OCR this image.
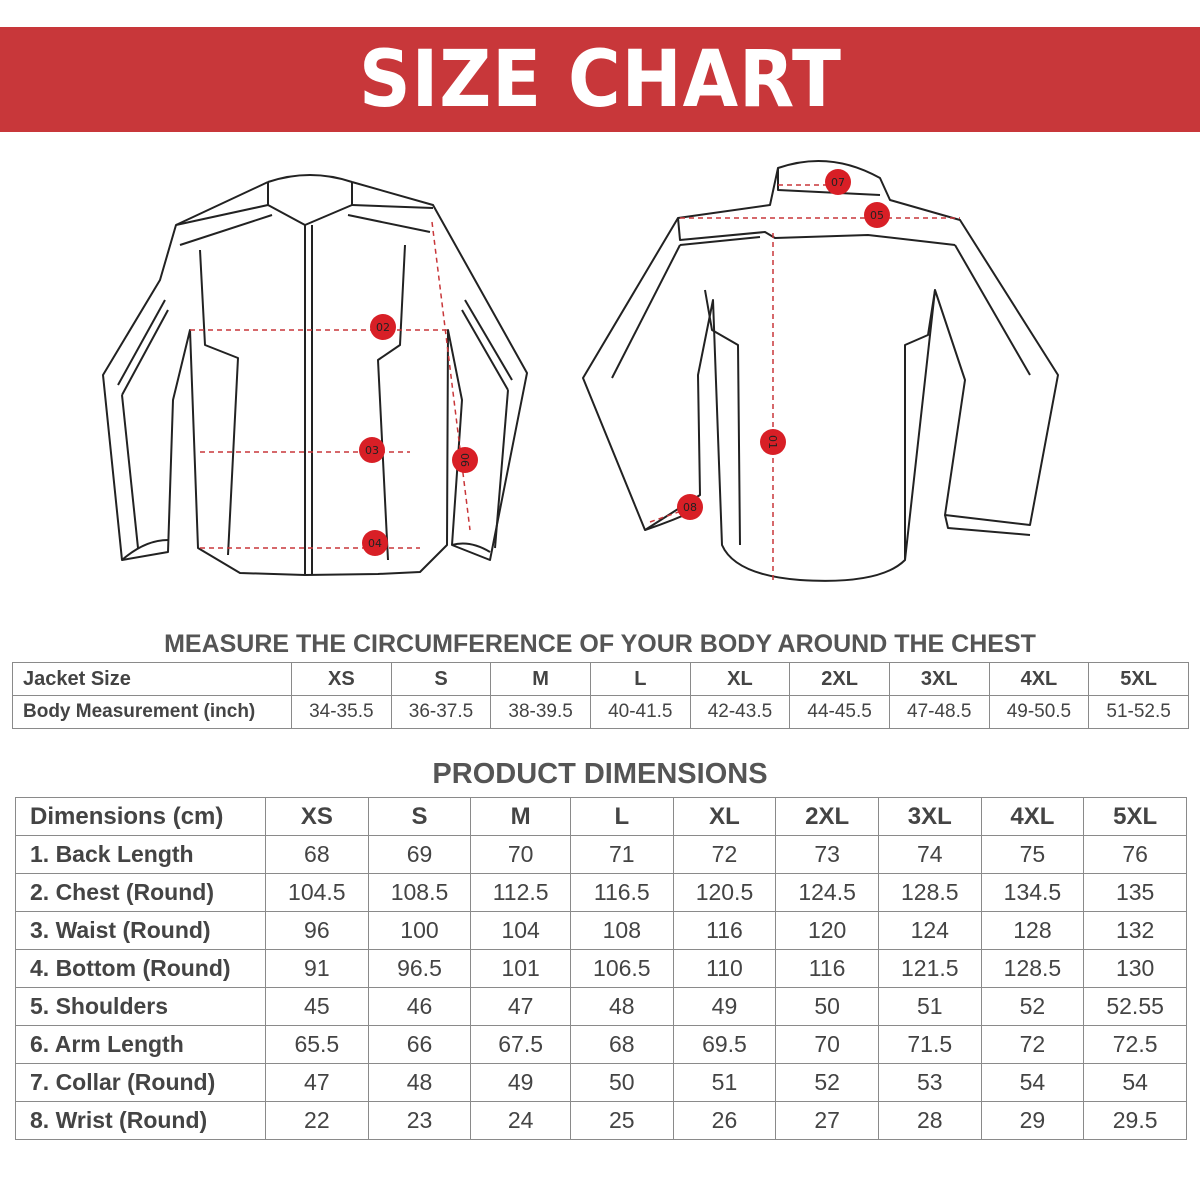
SIZE CHART
02
03
04
06
07
05
01
08
MEASURE THE CIRCUMFERENCE OF YOUR BODY AROUND THE CHEST
Jacket Size	XS	S	M	L	XL	2XL	3XL	4XL	5XL
Body Measurement (inch)	34-35.5	36-37.5	38-39.5	40-41.5	42-43.5	44-45.5	47-48.5	49-50.5	51-52.5
PRODUCT DIMENSIONS
Dimensions (cm)	XS	S	M	L	XL	2XL	3XL	4XL	5XL
1. Back Length	68	69	70	71	72	73	74	75	76
2. Chest (Round)	104.5	108.5	112.5	116.5	120.5	124.5	128.5	134.5	135
3. Waist (Round)	96	100	104	108	116	120	124	128	132
4. Bottom (Round)	91	96.5	101	106.5	110	116	121.5	128.5	130
5. Shoulders	45	46	47	48	49	50	51	52	52.55
6. Arm Length	65.5	66	67.5	68	69.5	70	71.5	72	72.5
7. Collar (Round)	47	48	49	50	51	52	53	54	54
8. Wrist (Round)	22	23	24	25	26	27	28	29	29.5
